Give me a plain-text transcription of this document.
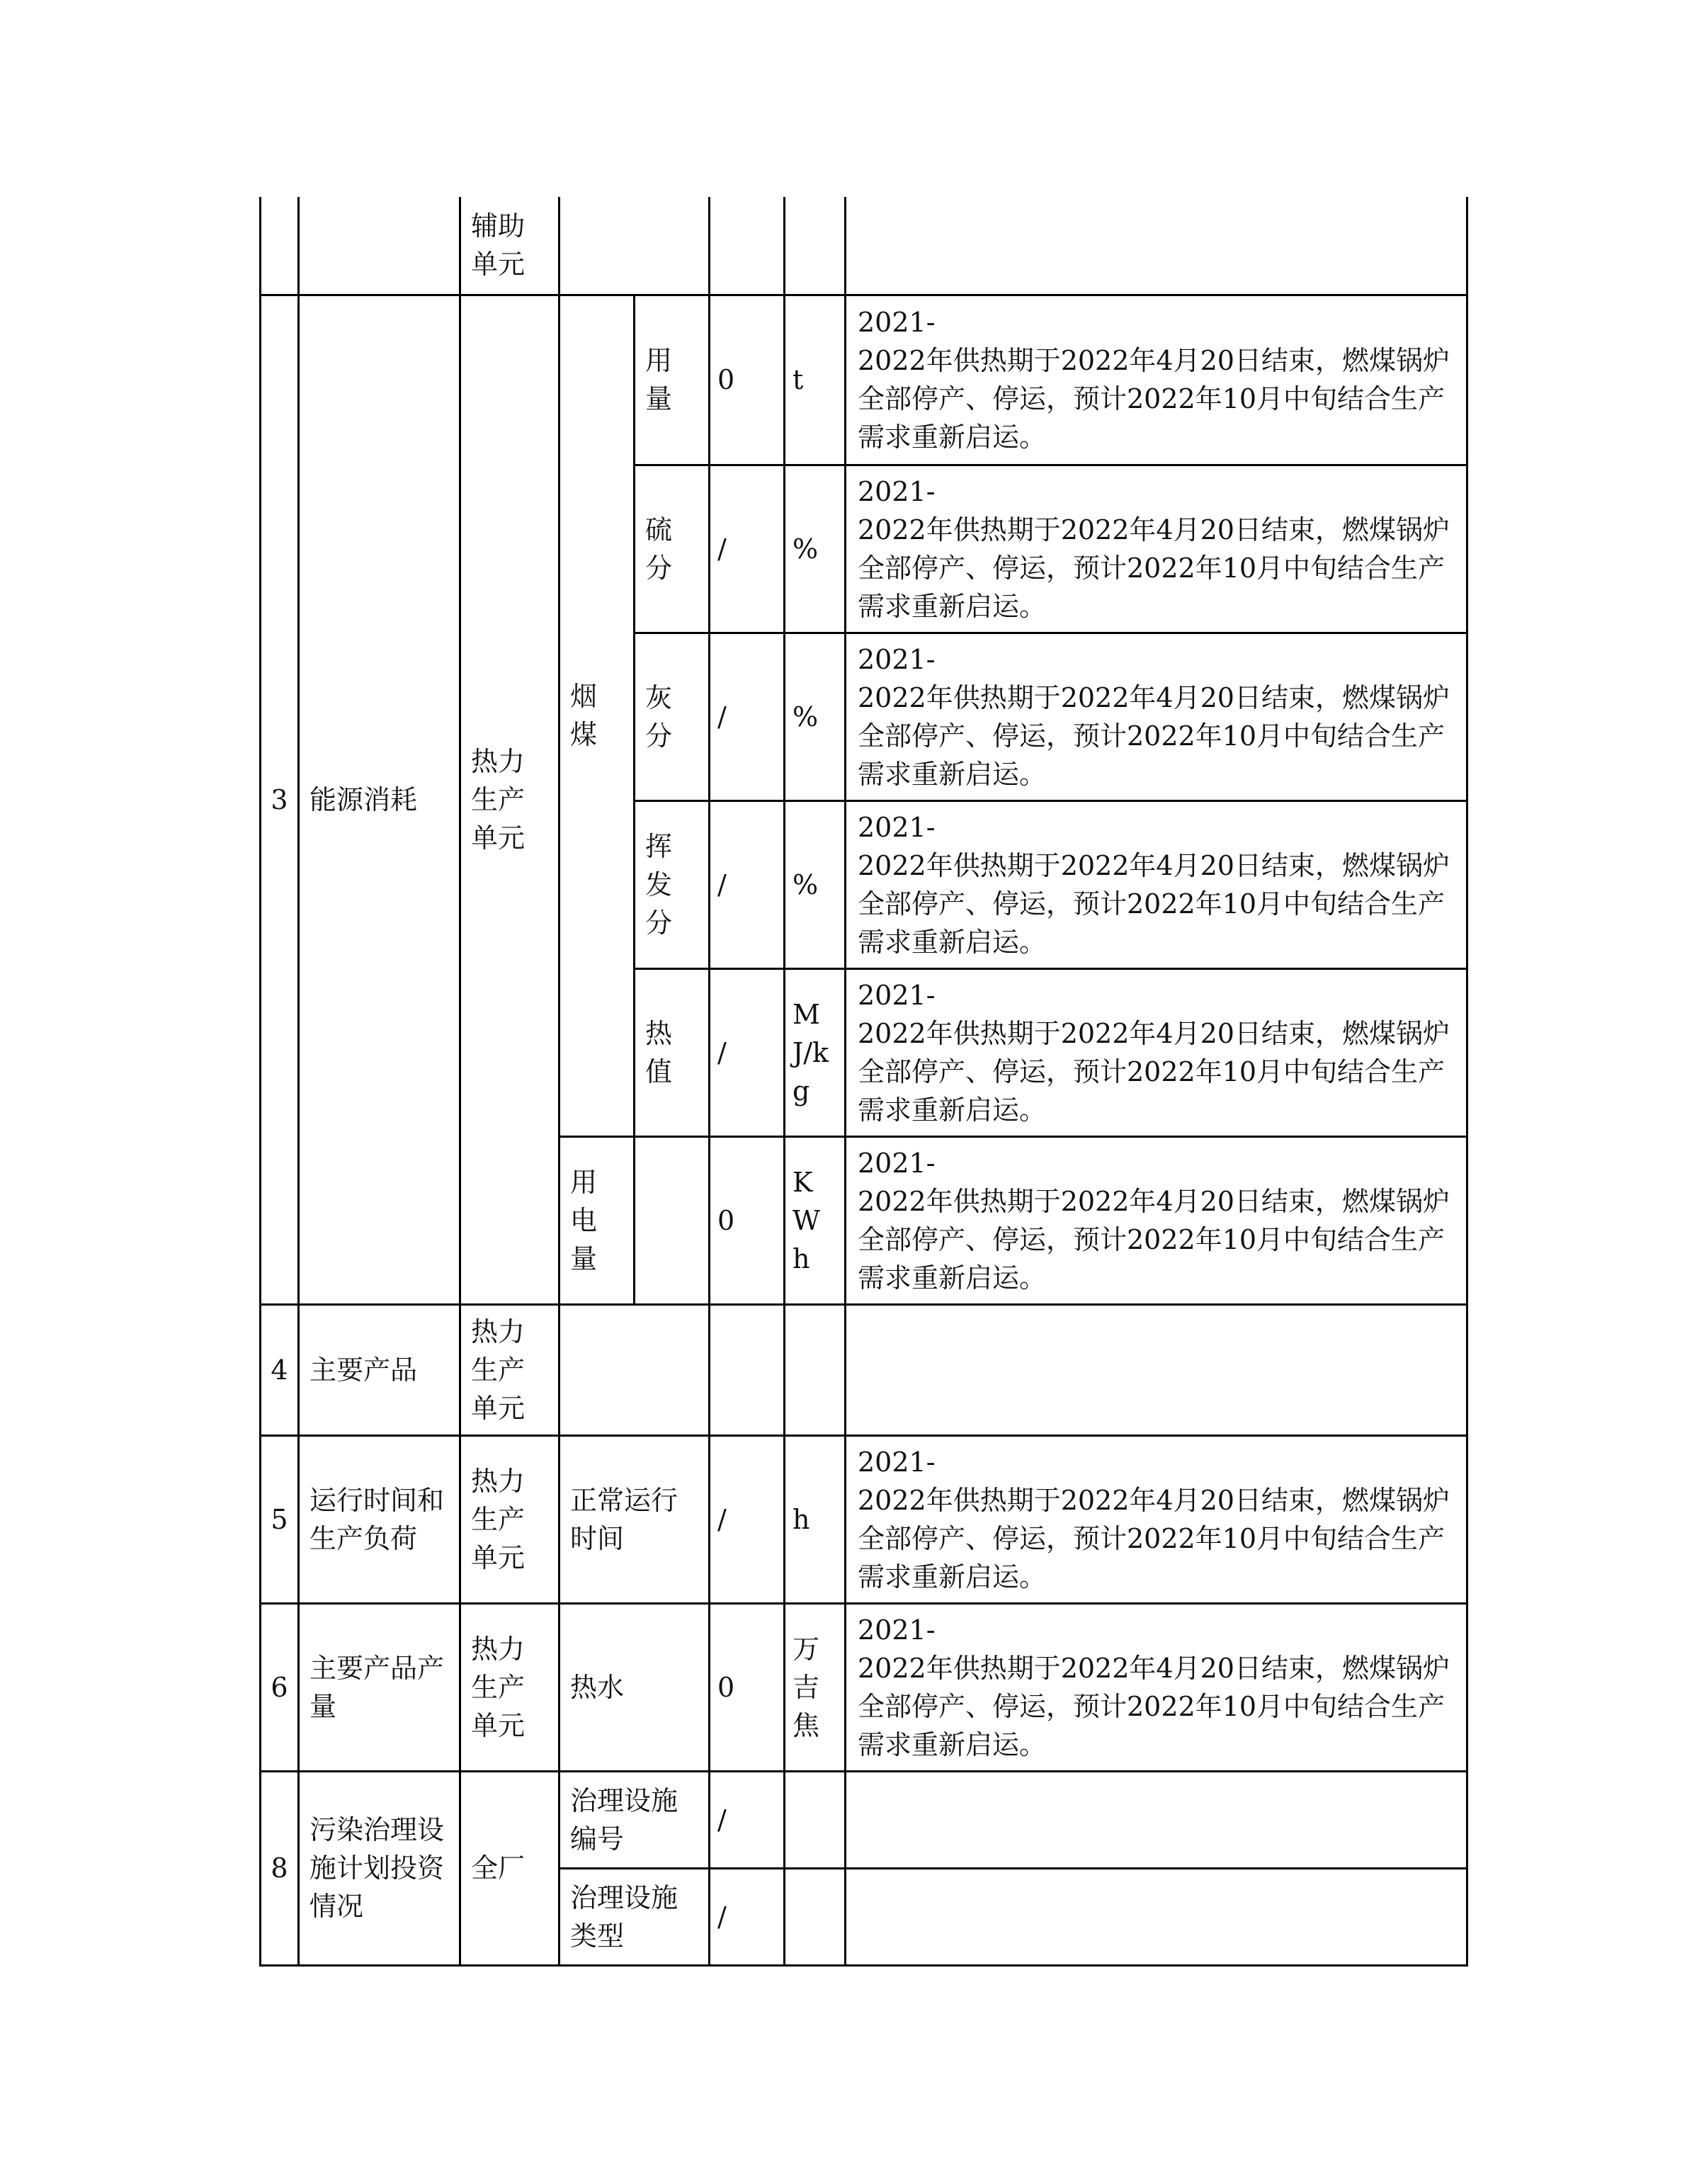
		辅助单元					
3	能源消耗	热力生产单元	烟煤	用量	0	t	2021-
2022年供热期于2022年4月20日结束，燃煤锅炉全部停产、停运，预计2022年10月中旬结合生产需求重新启运。

				硫分	/	%	2021-
2022年供热期于2022年4月20日结束，燃煤锅炉全部停产、停运，预计2022年10月中旬结合生产需求重新启运。

				灰分	/	%	2021-
2022年供热期于2022年4月20日结束，燃煤锅炉全部停产、停运，预计2022年10月中旬结合生产需求重新启运。

				挥发分	/	%	2021-
2022年供热期于2022年4月20日结束，燃煤锅炉全部停产、停运，预计2022年10月中旬结合生产需求重新启运。

				热值	/	MJ/kg	2021-
2022年供热期于2022年4月20日结束，燃煤锅炉全部停产、停运，预计2022年10月中旬结合生产需求重新启运。

			用电量		0	KWh	2021-
2022年供热期于2022年4月20日结束，燃煤锅炉全部停产、停运，预计2022年10月中旬结合生产需求重新启运。

4	主要产品	热力生产单元					
5	运行时间和生产负荷	热力生产单元	正常运行时间		/	h	2021-
2022年供热期于2022年4月20日结束，燃煤锅炉全部停产、停运，预计2022年10月中旬结合生产需求重新启运。

6	主要产品产量	热力生产单元	热水		0	万吉焦	2021-
2022年供热期于2022年4月20日结束，燃煤锅炉全部停产、停运，预计2022年10月中旬结合生产需求重新启运。

8	污染治理设施计划投资情况	全厂	治理设施编号		/		
			治理设施类型		/		
